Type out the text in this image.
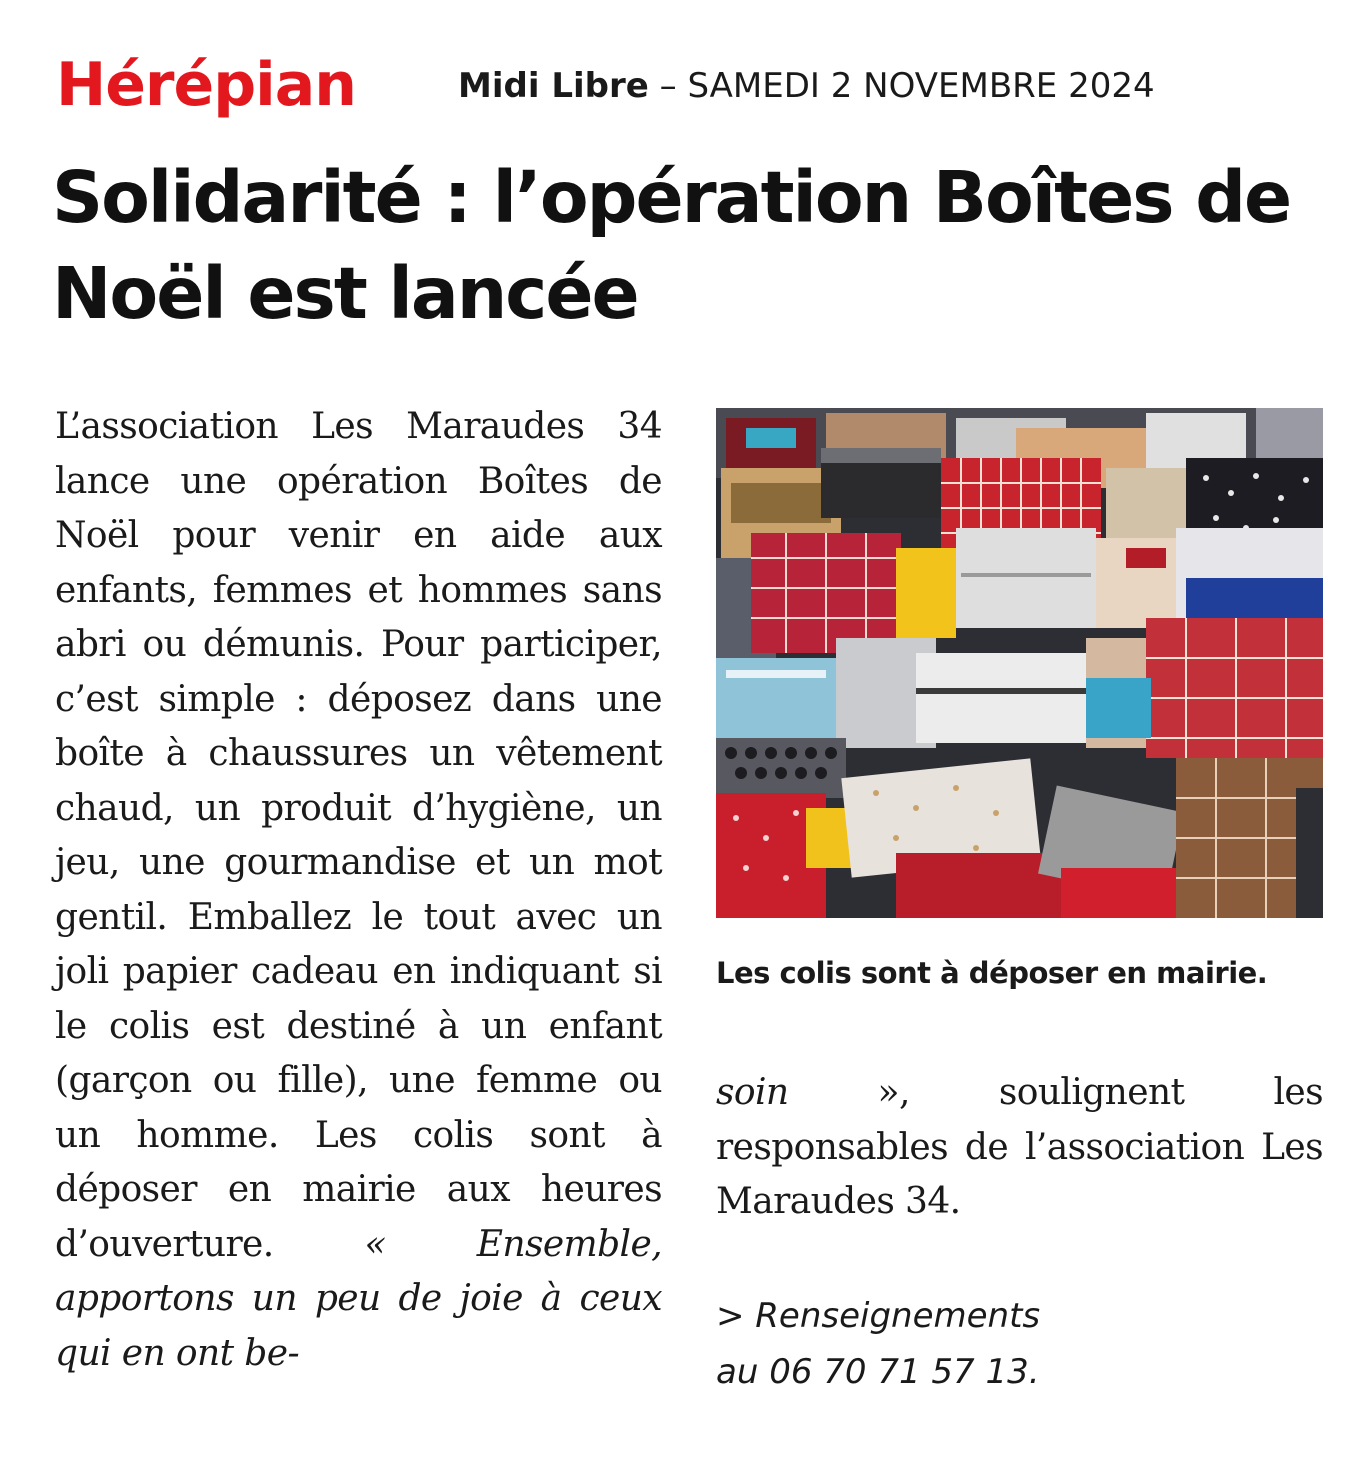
Hérépian	Midi Libre – SAMEDI 2 NOVEMBRE 2024
Solidarité : l’opération Boîtes de Noël est lancée

L’association Les Maraudes 34 lance une opération Boîtes de Noël pour venir en aide aux enfants, femmes et hommes sans abri ou démunis. Pour participer, c’est simple : déposez dans une boîte à chaussures un vêtement chaud, un produit d’hygiène, un jeu, une gourmandise et un mot gentil. Emballez le tout avec un joli papier cadeau en indiquant si le colis est destiné à un enfant (garçon ou fille), une femme ou un homme. Les colis sont à déposer en mairie aux heures d’ouverture. « Ensemble, apportons un peu de joie à ceux qui en ont be-

Les colis sont à déposer en mairie.

soin », soulignent les responsables de l’association Les Maraudes 34.

> Renseignements
au 06 70 71 57 13.
